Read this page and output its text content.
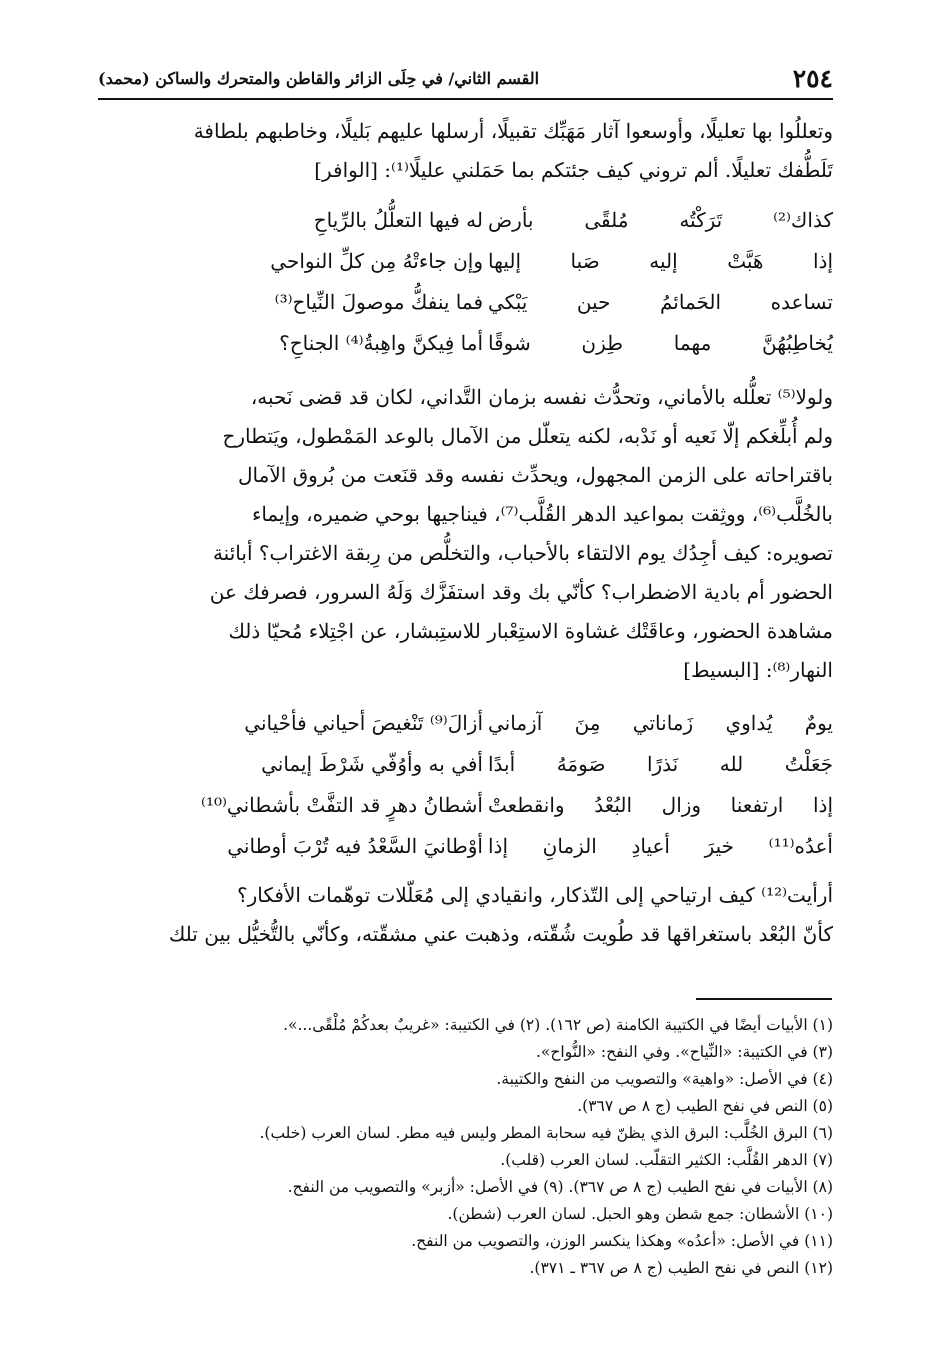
٢٥٤
القسم الثاني/ في حِلَى الزائر والقاطن والمتحرك والساكن (محمد)
وتعللُوا بها تعليلًا، وأوسعوا آثار مَهَبِّك تقبيلًا، أرسلها عليهم بَليلًا، وخاطبهم بلطافة
تَلَطُّفك تعليلًا. ألم تروني كيف جئتكم بما حَمَلني عليلًا⁽¹⁾: [الوافر]
كذاك⁽²⁾ تَرَكْتُه مُلقًى بأرض
له فيها التعلُّلُ بالرِّياحِ
إذا هَبَّتْ إليه صَبا إليها
وإن جاءتْهُ مِن كلِّ النواحي
تساعده الحَمائمُ حين يَبْكي
فما ينفكُّ موصولَ النِّياح⁽³⁾
يُخاطِبُهُنَّ مهما طِزن شوقًا
أما فِيكنَّ واهِبةُ⁽⁴⁾ الجناحِ؟
ولولا⁽⁵⁾ تعلُّله بالأماني، وتحدُّث نفسه بزمان التَّداني، لكان قد قضى نَحبه،
ولم أُبلِّغكم إلّا نَعيه أو نَدْبه، لكنه يتعلّل من الآمال بالوعد المَمْطول، ويَتطارح
باقتراحاته على الزمن المجهول، ويحدِّث نفسه وقد قنَعت من بُروق الآمال
بالخُلَّب⁽⁶⁾، ووثِقت بمواعيد الدهر القُلَّب⁽⁷⁾، فيناجيها بوحي ضميره، وإيماء
تصويره: كيف أجِدُك يوم الالتقاء بالأحباب، والتخلُّص من رِبقة الاغتراب؟ أبائنة
الحضور أم بادية الاضطراب؟ كأنّي بك وقد استفَزَّك وَلَهُ السرور، فصرفك عن
مشاهدة الحضور، وعاقَتْك غشاوة الاستِعْبار للاستِبشار، عن اجْتِلاء مُحيّا ذلك
النهار⁽⁸⁾: [البسيط]
يومٌ يُداوي زَماناتي مِنَ آزماني
أزالَ⁽⁹⁾ تَنْغيصَ أحياني فأحْياني
جَعَلْتُ لله نَذرًا صَومَهُ أبدًا
أفي به وأوُفّي شَرْطَ إيماني
إذا ارتفعنا وزال البُعْدُ وانقطعتْ
أشطانُ دهرٍ قد التفَّتْ بأشطاني⁽¹⁰⁾
أعدُه⁽¹¹⁾ خيرَ أعيادِ الزمانِ إذا
أوْطانيَ السَّعْدُ فيه تُرْبَ أوطاني
أرأيت⁽¹²⁾ كيف ارتياحي إلى التّذكار، وانقيادي إلى مُعَلّلات توهّمات الأفكار؟
كأنّ البُعْد باستغراقها قد طُويت شُقّته، وذهبت عني مشقّته، وكأنّي بالتُّخيُّل بين تلك
(١) الأبيات أيضًا في الكتيبة الكامنة (ص ١٦٢). (٢) في الكتيبة: «غريبٌ بعدكُمْ مُلْقًى...».
(٣) في الكتيبة: «النِّياح». وفي النفح: «النُّواح».
(٤) في الأصل: «واهية» والتصويب من النفح والكتيبة.
(٥) النص في نفح الطيب (ج ٨ ص ٣٦٧).
(٦) البرق الخُلَّب: البرق الذي يظنّ فيه سحابة المطر وليس فيه مطر. لسان العرب (خلب).
(٧) الدهر القُلَّب: الكثير التقلّب. لسان العرب (قلب).
(٨) الأبيات في نفح الطيب (ج ٨ ص ٣٦٧). (٩) في الأصل: «أزبر» والتصويب من النفح.
(١٠) الأشطان: جمع شطن وهو الحبل. لسان العرب (شطن).
(١١) في الأصل: «أعدُه» وهكذا ينكسر الوزن، والتصويب من النفح.
(١٢) النص في نفح الطيب (ج ٨ ص ٣٦٧ ـ ٣٧١).
